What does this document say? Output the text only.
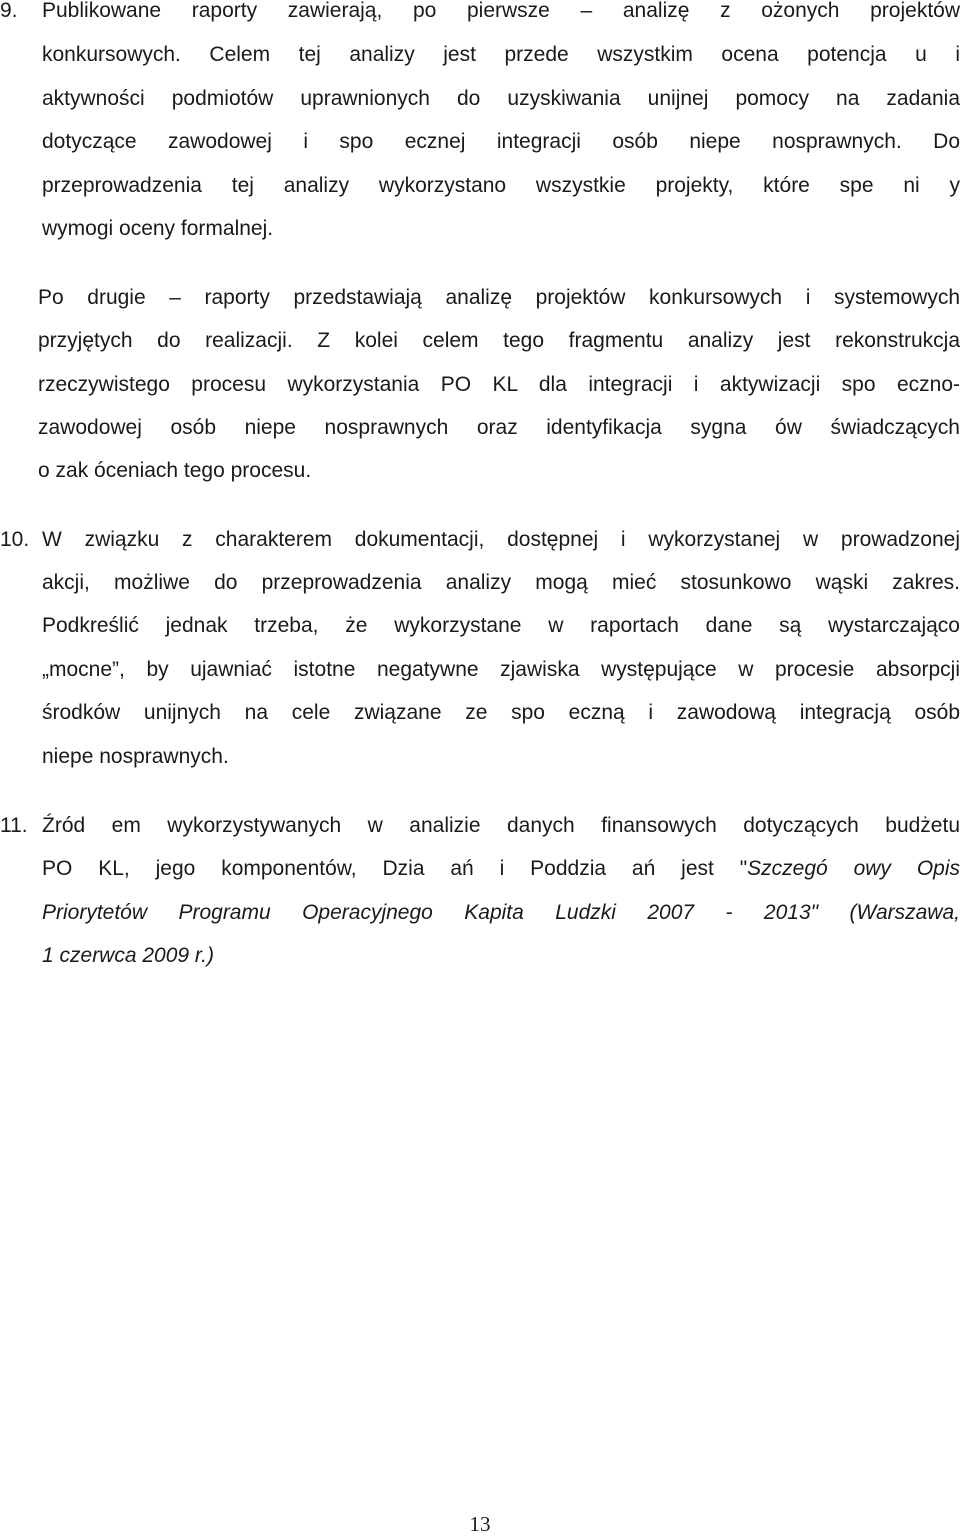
9. Publikowane raporty zawierają, po pierwsze – analizę z ożonych projektów
konkursowych. Celem tej analizy jest przede wszystkim ocena potencja u i
aktywności podmiotów uprawnionych do uzyskiwania unijnej pomocy na zadania
dotyczące zawodowej i spo ecznej integracji osób niepe nosprawnych. Do
przeprowadzenia tej analizy wykorzystano wszystkie projekty, które spe ni y
wymogi oceny formalnej.
Po drugie – raporty przedstawiają analizę projektów konkursowych i systemowych
przyjętych do realizacji. Z kolei celem tego fragmentu analizy jest rekonstrukcja
rzeczywistego procesu wykorzystania PO KL dla integracji i aktywizacji spo eczno-
zawodowej osób niepe nosprawnych oraz identyfikacja sygna ów świadczących
o zak óceniach tego procesu.
10. W związku z charakterem dokumentacji, dostępnej i wykorzystanej w prowadzonej
akcji, możliwe do przeprowadzenia analizy mogą mieć stosunkowo wąski zakres.
Podkreślić jednak trzeba, że wykorzystane w raportach dane są wystarczająco
„mocne”, by ujawniać istotne negatywne zjawiska występujące w procesie absorpcji
środków unijnych na cele związane ze spo eczną i zawodową integracją osób
niepe nosprawnych.
11. Źród em wykorzystywanych w analizie danych finansowych dotyczących budżetu
PO KL, jego komponentów, Dzia ań i Poddzia ań jest "Szczegó owy Opis
Priorytetów Programu Operacyjnego Kapita Ludzki 2007 - 2013" (Warszawa,
1 czerwca 2009 r.)
13
